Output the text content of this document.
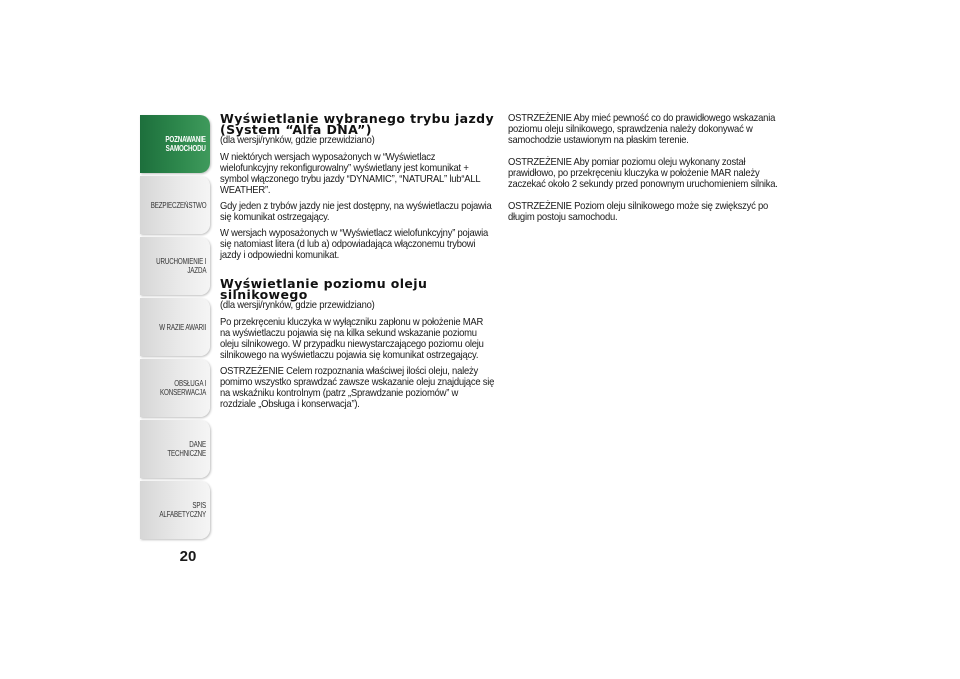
POZNAWANIE
SAMOCHODU
BEZPIECZEŃSTWO
URUCHOMIENIE I
JAZDA
W RAZIE AWARII
OBSŁUGA I
KONSERWACJA
DANE TECHNICZNE
SPIS ALFABETYCZNY
20
Wyświetlanie wybranego trybu jazdy
(System “Alfa DNA”)

(dla wersji/rynków, gdzie przewidziano)

W niektórych wersjach wyposażonych w “Wyświetlacz wielofunkcyjny rekonfigurowalny” wyświetlany jest komunikat + symbol włączonego trybu jazdy “DYNAMIC”, “NATURAL” lub“ALL WEATHER”.

Gdy jeden z trybów jazdy nie jest dostępny, na wyświetlaczu pojawia się komunikat ostrzegający.

W wersjach wyposażonych w “Wyświetlacz wielofunkcyjny” pojawia się natomiast litera (d lub a) odpowiadająca włączonemu trybowi jazdy i odpowiedni komunikat.

Wyświetlanie poziomu oleju
silnikowego

(dla wersji/rynków, gdzie przewidziano)

Po przekręceniu kluczyka w wyłączniku zapłonu w położenie MAR na wyświetlaczu pojawia się na kilka sekund wskazanie poziomu oleju silnikowego. W przypadku niewystarczającego poziomu oleju silnikowego na wyświetlaczu pojawia się komunikat ostrzegający.

OSTRZEŻENIE Celem rozpoznania właściwej ilości oleju, należy pomimo wszystko sprawdzać zawsze wskazanie oleju znajdujące się na wskaźniku kontrolnym (patrz „Sprawdzanie poziomów” w rozdziale „Obsługa i konserwacja”).

OSTRZEŻENIE Aby mieć pewność co do prawidłowego wskazania poziomu oleju silnikowego, sprawdzenia należy dokonywać w samochodzie ustawionym na płaskim terenie.

OSTRZEŻENIE Aby pomiar poziomu oleju wykonany został prawidłowo, po przekręceniu kluczyka w położenie MAR należy zaczekać około 2 sekundy przed ponownym uruchomieniem silnika.

OSTRZEŻENIE Poziom oleju silnikowego może się zwiększyć po długim postoju samochodu.
